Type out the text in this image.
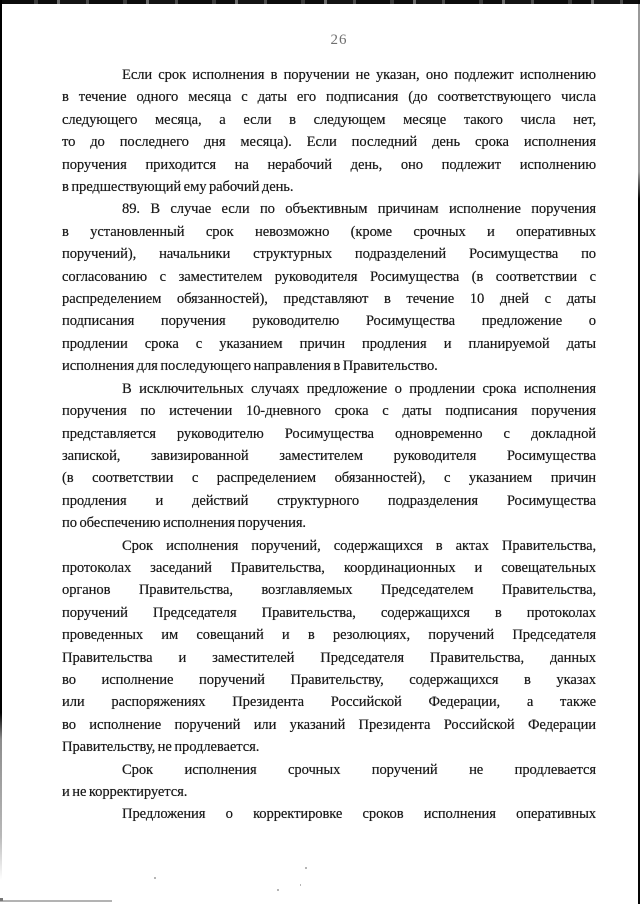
26
Если срок исполнения в поручении не указан, оно подлежит исполнению
в течение одного месяца с даты его подписания (до соответствующего числа
следующего месяца, а если в следующем месяце такого числа нет,
то до последнего дня месяца). Если последний день срока исполнения
поручения приходится на нерабочий день, оно подлежит исполнению
в предшествующий ему рабочий день.
89. В случае если по объективным причинам исполнение поручения
в установленный срок невозможно (кроме срочных и оперативных
поручений), начальники структурных подразделений Росимущества по
согласованию с заместителем руководителя Росимущества (в соответствии с
распределением обязанностей), представляют в течение 10 дней с даты
подписания поручения руководителю Росимущества предложение о
продлении срока с указанием причин продления и планируемой даты
исполнения для последующего направления в Правительство.
В исключительных случаях предложение о продлении срока исполнения
поручения по истечении 10-дневного срока с даты подписания поручения
представляется руководителю Росимущества одновременно с докладной
запиской, завизированной заместителем руководителя Росимущества
(в соответствии с распределением обязанностей), с указанием причин
продления и действий структурного подразделения Росимущества
по обеспечению исполнения поручения.
Срок исполнения поручений, содержащихся в актах Правительства,
протоколах заседаний Правительства, координационных и совещательных
органов Правительства, возглавляемых Председателем Правительства,
поручений Председателя Правительства, содержащихся в протоколах
проведенных им совещаний и в резолюциях, поручений Председателя
Правительства и заместителей Председателя Правительства, данных
во исполнение поручений Правительству, содержащихся в указах
или распоряжениях Президента Российской Федерации, а также
во исполнение поручений или указаний Президента Российской Федерации
Правительству, не продлевается.
Срок исполнения срочных поручений не продлевается
и не корректируется.
Предложения о корректировке сроков исполнения оперативных
